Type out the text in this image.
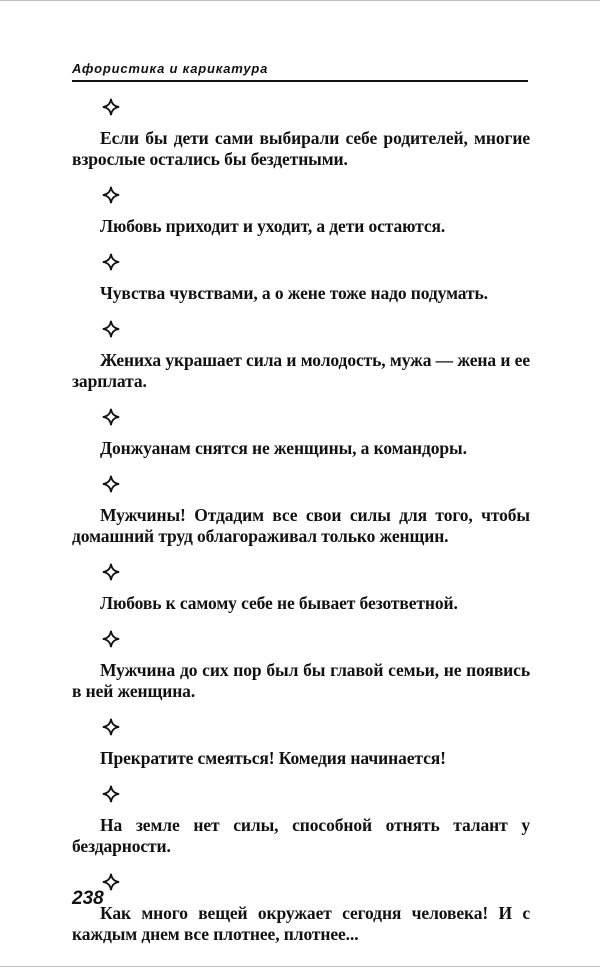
Афористика и карикатура

Если бы дети сами выбирали себе родителей, многие взрослые остались бы бездетными.

Любовь приходит и уходит, а дети остаются.

Чувства чувствами, а о жене тоже надо подумать.

Жениха украшает сила и молодость, мужа — жена и ее зарплата.

Донжуанам снятся не женщины, а командоры.

Мужчины! Отдадим все свои силы для того, чтобы домашний труд облагораживал только женщин.

Любовь к самому себе не бывает безответной.

Мужчина до сих пор был бы главой семьи, не появись в ней женщина.

Прекратите смеяться! Комедия начинается!

На земле нет силы, способной отнять талант у бездарности.

Как много вещей окружает сегодня человека! И с каждым днем все плотнее, плотнее...

238
